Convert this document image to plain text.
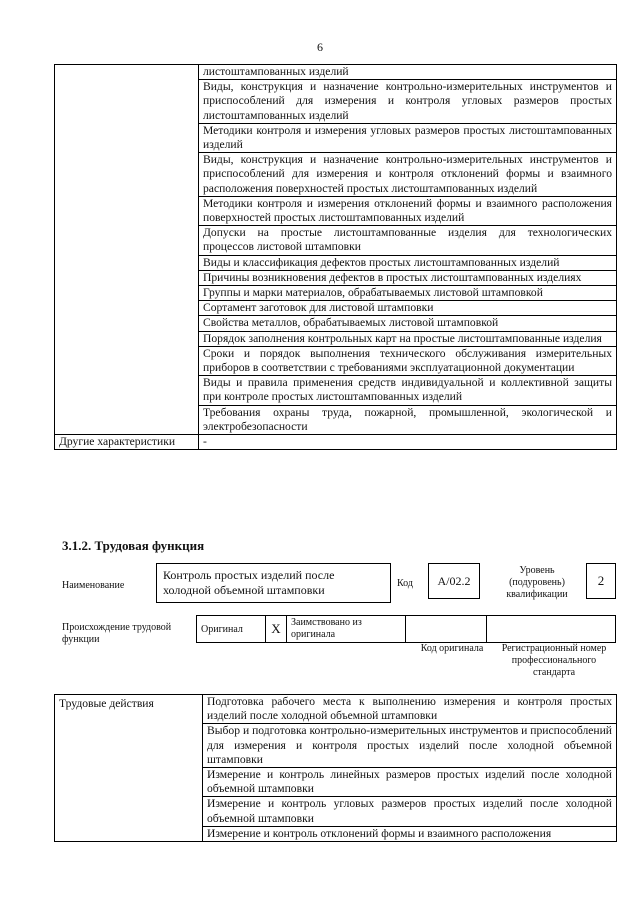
6
	листоштампованных изделий
	Виды, конструкция и назначение контрольно-измерительных инструментов и приспособлений для измерения и контроля угловых размеров простых листоштампованных изделий
	Методики контроля и измерения угловых размеров простых листоштампованных изделий
	Виды, конструкция и назначение контрольно-измерительных инструментов и приспособлений для измерения и контроля отклонений формы и взаимного расположения поверхностей простых листоштампованных изделий
	Методики контроля и измерения отклонений формы и взаимного расположения поверхностей простых листоштампованных изделий
	Допуски на простые листоштампованные изделия для технологических процессов листовой штамповки
	Виды и классификация дефектов простых листоштампованных изделий
	Причины возникновения дефектов в простых листоштампованных изделиях
	Группы и марки материалов, обрабатываемых листовой штамповкой
	Сортамент заготовок для листовой штамповки
	Свойства металлов, обрабатываемых листовой штамповкой
	Порядок заполнения контрольных карт на простые листоштампованные изделия
	Сроки и порядок выполнения технического обслуживания измерительных приборов в соответствии с требованиями эксплуатационной документации
	Виды и правила применения средств индивидуальной и коллективной защиты при контроле простых листоштампованных изделий
	Требования охраны труда, пожарной, промышленной, экологической и электробезопасности
Другие характеристики	-
3.1.2. Трудовая функция
Наименование
Контроль простых изделий после холодной объемной штамповки	Код	A/02.2
Уровень (подуровень) квалификации
2
Происхождение трудовой функции
Оригинал	X	Заимствовано из оригинала		
Код оригинала	Регистрационный номер профессионального стандарта
Трудовые действия	Подготовка рабочего места к выполнению измерения и контроля простых изделий после холодной объемной штамповки
Выбор и подготовка контрольно-измерительных инструментов и приспособлений для измерения и контроля простых изделий после холодной объемной штамповки
Измерение и контроль линейных размеров простых изделий после холодной объемной штамповки
Измерение и контроль угловых размеров простых изделий после холодной объемной штамповки
Измерение и контроль отклонений формы и взаимного расположения
